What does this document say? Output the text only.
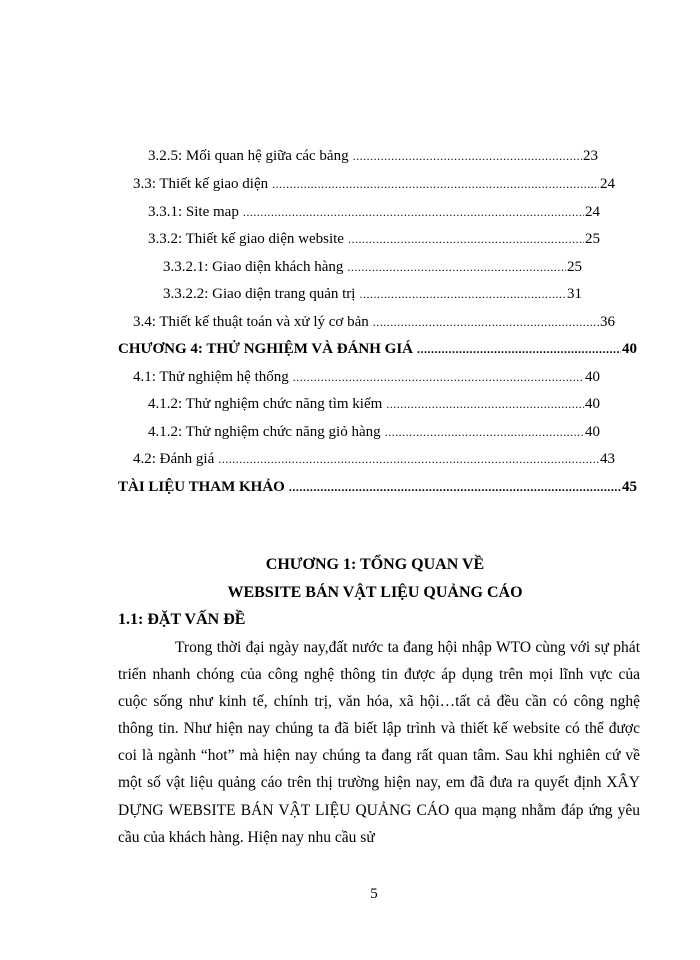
3.2.5: Mối quan hệ giữa các bảng .....	23
3.3: Thiết kế giao diện .....	24
3.3.1: Site map .....	24
3.3.2: Thiết kế giao diện website .....	25
3.3.2.1: Giao diện khách hàng .....	25
3.3.2.2: Giao diện trang quản trị .....	31
3.4: Thiết kế thuật toán và xử lý cơ bản .....	36
CHƯƠNG 4: THỬ NGHIỆM VÀ ĐÁNH GIÁ .....	40
4.1: Thử nghiệm hệ thống .....	40
4.1.2: Thử nghiệm chức năng tìm kiếm .....	40
4.1.2: Thử nghiệm chức năng giỏ hàng .....	40
4.2: Đánh giá .....	43
TÀI LIỆU THAM KHẢO .....	45
CHƯƠNG 1: TỔNG QUAN VỀ
WEBSITE BÁN VẬT LIỆU QUẢNG CÁO
1.1: ĐẶT VẤN ĐỀ

Trong thời đại ngày nay,đất nước ta đang hội nhập WTO cùng với sự phát triển nhanh chóng của công nghệ thông tin được áp dụng trên mọi lĩnh vực của cuộc sống như kinh tế, chính trị, văn hóa, xã hội…tất cả đều cần có công nghệ thông tin. Như hiện nay chúng ta đã biết lập trình và thiết kế website có thể được coi là ngành “hot” mà hiện nay chúng ta đang rất quan tâm. Sau khi nghiên cứ về một số vật liệu quảng cáo trên thị trường hiện nay, em đã đưa ra quyết định XÂY DỰNG WEBSITE BÁN VẬT LIỆU QUẢNG CÁO qua mạng nhằm đáp ứng yêu cầu của khách hàng. Hiện nay nhu cầu sử

5
